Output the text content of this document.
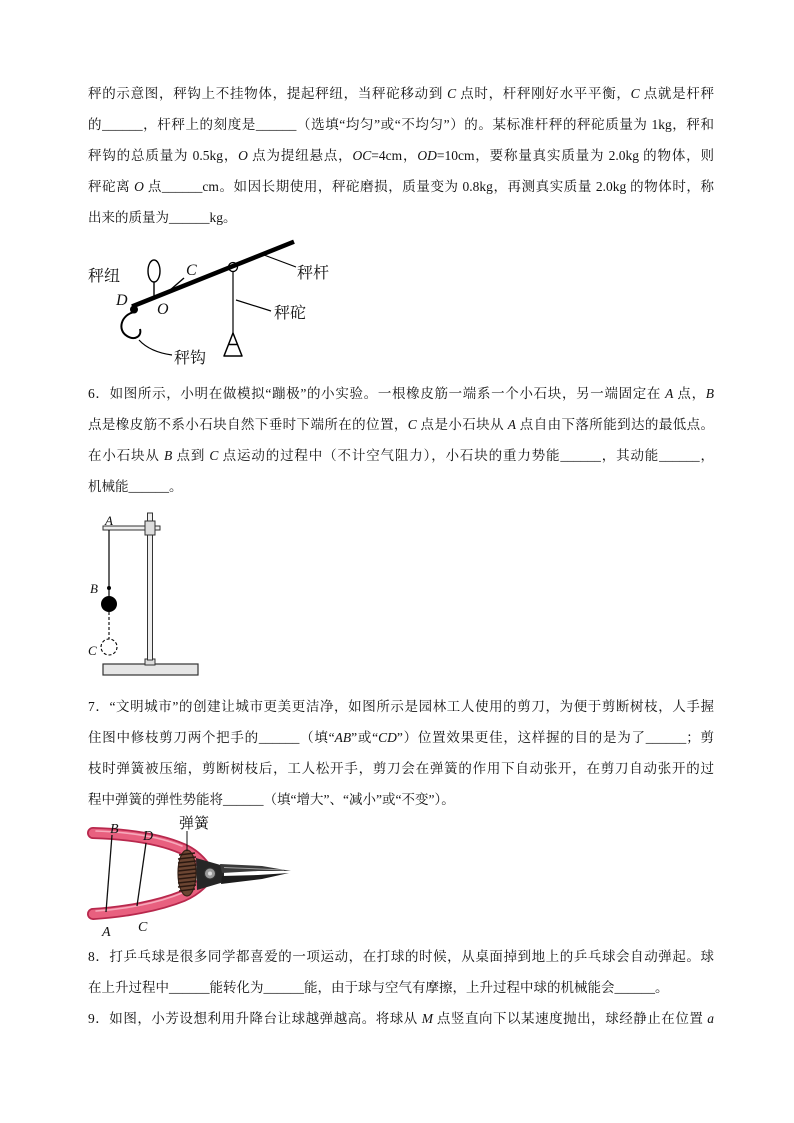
秤的示意图，秤钩上不挂物体，提起秤纽，当秤砣移动到 C 点时，杆秤刚好水平平衡，C 点就是杆秤
的______，杆秤上的刻度是______（选填“均匀”或“不均匀”）的。某标准杆秤的秤砣质量为 1kg，秤和
秤钩的总质量为 0.5kg，O 点为提纽悬点，OC=4cm，OD=10cm，要称量真实质量为 2.0kg 的物体，则
秤砣离 O 点______cm。如因长期使用，秤砣磨损，质量变为 0.8kg，再测真实质量 2.0kg 的物体时，称
出来的质量为______kg。
秤纽	C
D
O
秤杆
秤砣
秤钩
6．如图所示，小明在做模拟“蹦极”的小实验。一根橡皮筋一端系一个小石块，另一端固定在 A 点，B
点是橡皮筋不系小石块自然下垂时下端所在的位置，C 点是小石块从 A 点自由下落所能到达的最低点。
在小石块从 B 点到 C 点运动的过程中（不计空气阻力），小石块的重力势能______，其动能______，
机械能______。
A
B
C
7．“文明城市”的创建让城市更美更洁净，如图所示是园林工人使用的剪刀，为便于剪断树枝，人手握
住图中修枝剪刀两个把手的______（填“AB”或“CD”）位置效果更佳，这样握的目的是为了______；剪
枝时弹簧被压缩，剪断树枝后，工人松开手，剪刀会在弹簧的作用下自动张开，在剪刀自动张开的过
程中弹簧的弹性势能将______（填“增大”、“减小”或“不变”）。
B D
A C
弹簧
8．打乒乓球是很多同学都喜爱的一项运动，在打球的时候，从桌面掉到地上的乒乓球会自动弹起。球
在上升过程中______能转化为______能，由于球与空气有摩擦，上升过程中球的机械能会______。
9．如图，小芳设想利用升降台让球越弹越高。将球从 M 点竖直向下以某速度抛出，球经静止在位置 a
